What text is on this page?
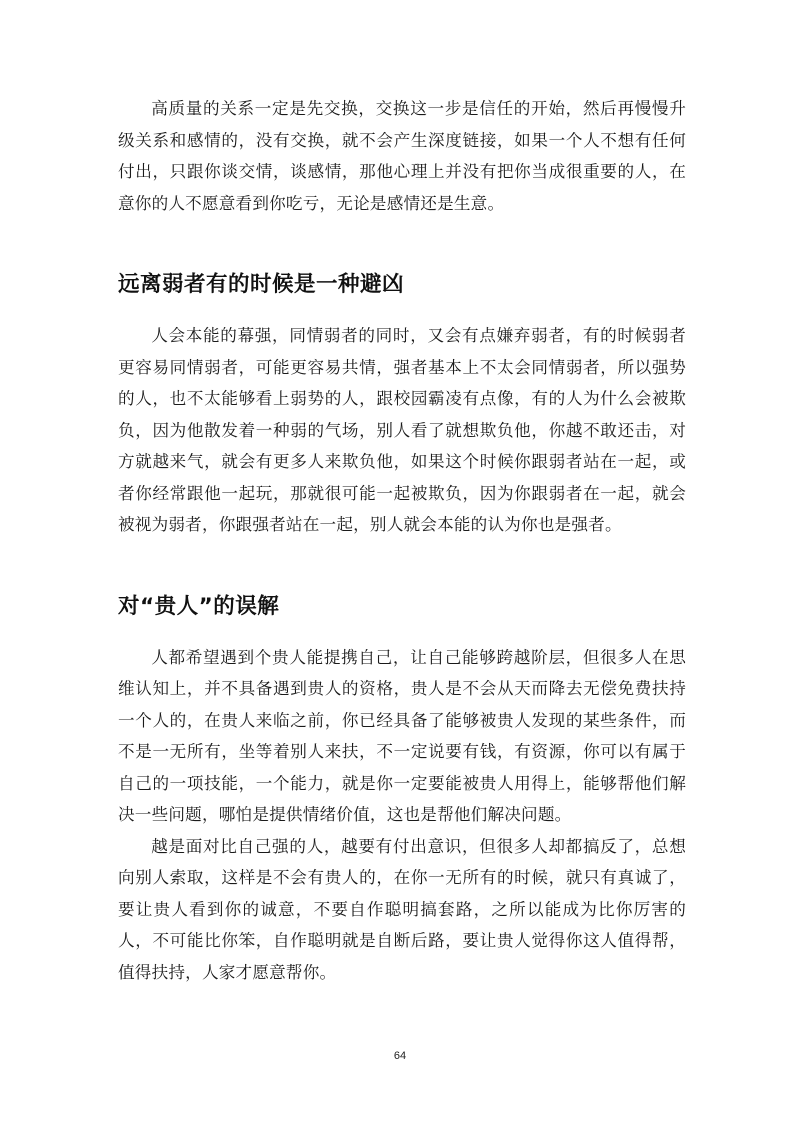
高质量的关系一定是先交换，交换这一步是信任的开始，然后再慢慢升级关系和感情的，没有交换，就不会产生深度链接，如果一个人不想有任何付出，只跟你谈交情，谈感情，那他心理上并没有把你当成很重要的人，在意你的人不愿意看到你吃亏，无论是感情还是生意。

远离弱者有的时候是一种避凶

人会本能的幕强，同情弱者的同时，又会有点嫌弃弱者，有的时候弱者更容易同情弱者，可能更容易共情，强者基本上不太会同情弱者，所以强势的人，也不太能够看上弱势的人，跟校园霸凌有点像，有的人为什么会被欺负，因为他散发着一种弱的气场，别人看了就想欺负他，你越不敢还击，对方就越来气，就会有更多人来欺负他，如果这个时候你跟弱者站在一起，或者你经常跟他一起玩，那就很可能一起被欺负，因为你跟弱者在一起，就会被视为弱者，你跟强者站在一起，别人就会本能的认为你也是强者。

对“贵人”的误解

人都希望遇到个贵人能提携自己，让自己能够跨越阶层，但很多人在思维认知上，并不具备遇到贵人的资格，贵人是不会从天而降去无偿免费扶持一个人的，在贵人来临之前，你已经具备了能够被贵人发现的某些条件，而不是一无所有，坐等着别人来扶，不一定说要有钱，有资源，你可以有属于自己的一项技能，一个能力，就是你一定要能被贵人用得上，能够帮他们解决一些问题，哪怕是提供情绪价值，这也是帮他们解决问题。

越是面对比自己强的人，越要有付出意识，但很多人却都搞反了，总想向别人索取，这样是不会有贵人的，在你一无所有的时候，就只有真诚了，要让贵人看到你的诚意，不要自作聪明搞套路，之所以能成为比你厉害的人，不可能比你笨，自作聪明就是自断后路，要让贵人觉得你这人值得帮，值得扶持，人家才愿意帮你。

64
